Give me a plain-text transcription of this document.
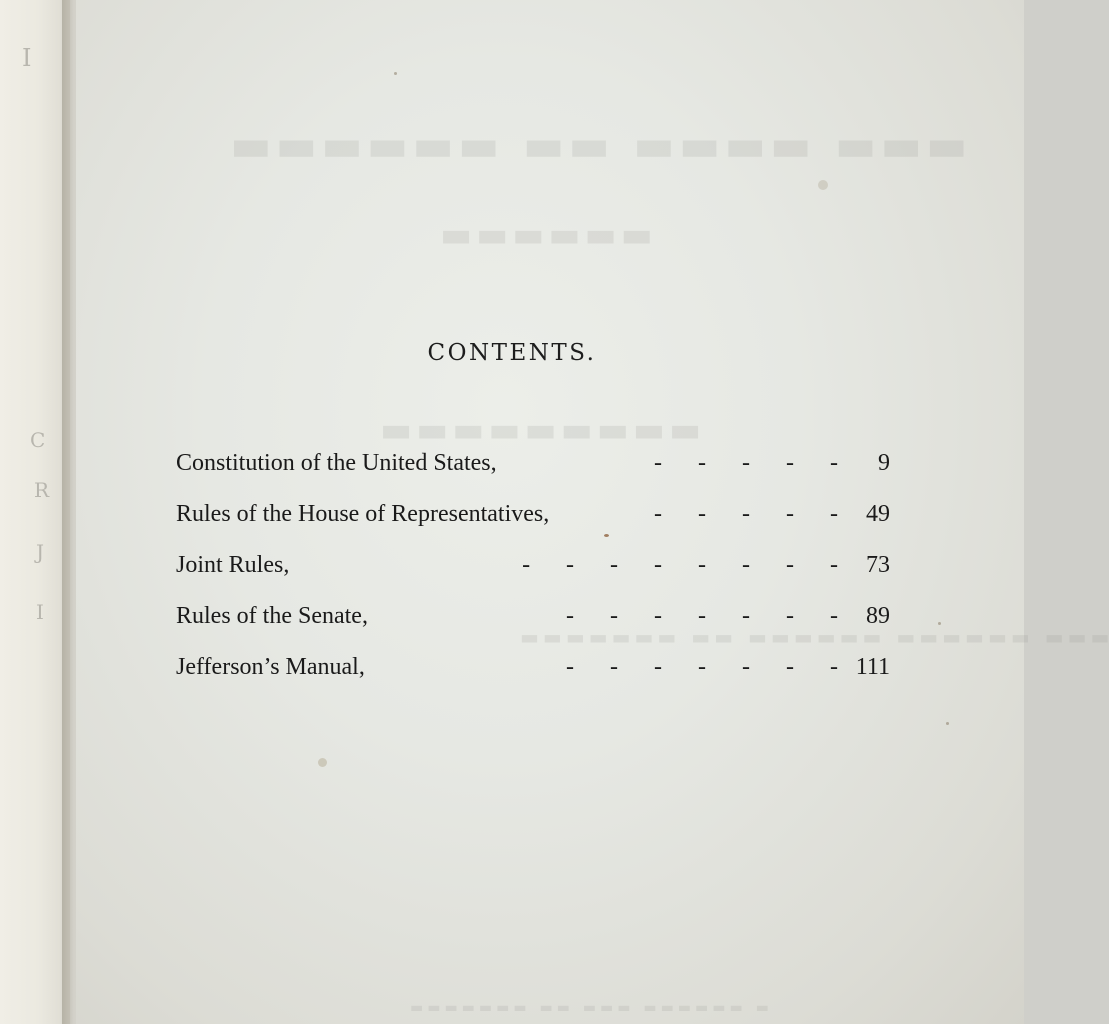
I
C
R
J
I
▬▬▬ ▬▬▬▬ ▬▬ ▬▬▬▬▬▬
▬▬▬▬▬▬
▬▬▬▬▬▬▬▬▬
▬▬▬ ▬▬▬▬▬▬ ▬▬▬▬▬▬ ▬▬ ▬▬▬▬▬▬▬
▬ ▬▬▬▬▬▬ ▬▬▬ ▬▬ ▬▬▬▬▬▬▬
CONTENTS.
Constitution of the United States,	-      -      -      -      -	9
Rules of the House of Representatives,	-      -      -      -      -	49
Joint Rules,	-      -      -      -      -      -      -      -	73
Rules of the Senate,	-      -      -      -      -      -      -	89
Jefferson’s Manual,	-      -      -      -      -      -      - 111
